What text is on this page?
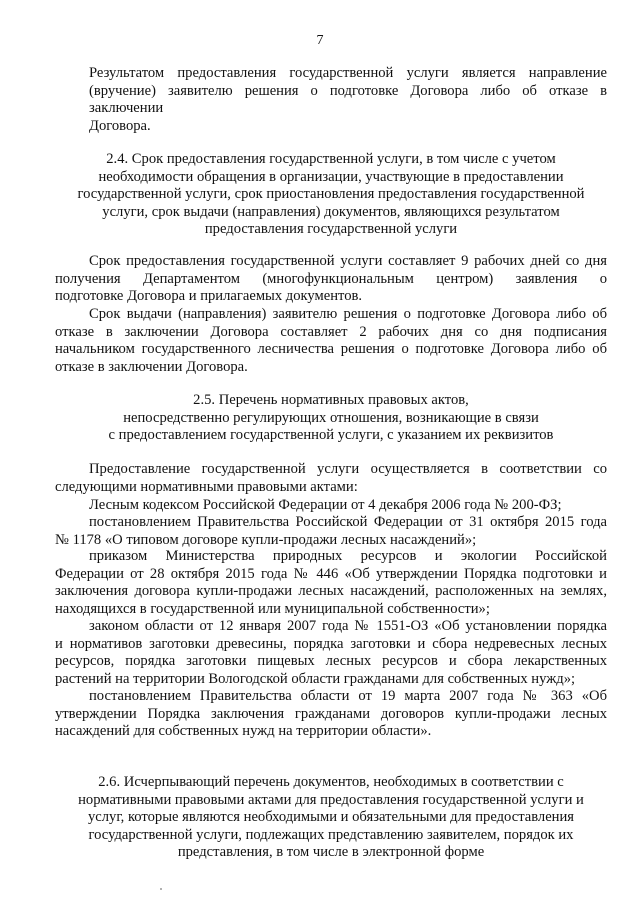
7
Результатом предоставления государственной услуги является направление
(вручение) заявителю решения о подготовке Договора либо об отказе в заключении
Договора.
2.4. Срок предоставления государственной услуги, в том числе с учетом
необходимости обращения в организации, участвующие в предоставлении
государственной услуги, срок приостановления предоставления государственной
услуги, срок выдачи (направления) документов, являющихся результатом
предоставления государственной услуги
Срок предоставления государственной услуги составляет 9 рабочих дней со дня
получения Департаментом (многофункциональным центром) заявления о
подготовке Договора и прилагаемых документов.
Срок выдачи (направления) заявителю решения о подготовке Договора либо об
отказе в заключении Договора составляет 2 рабочих дня со дня подписания
начальником государственного лесничества решения о подготовке Договора либо об
отказе в заключении Договора.
2.5. Перечень нормативных правовых актов,
непосредственно регулирующих отношения, возникающие в связи
с предоставлением государственной услуги, с указанием их реквизитов
Предоставление государственной услуги осуществляется в соответствии со
следующими нормативными правовыми актами:
Лесным кодексом Российской Федерации от 4 декабря 2006 года № 200-ФЗ;
постановлением Правительства Российской Федерации от 31 октября 2015 года
№ 1178 «О типовом договоре купли-продажи лесных насаждений»;
приказом Министерства природных ресурсов и экологии Российской
Федерации от 28 октября 2015 года № 446 «Об утверждении Порядка подготовки и
заключения договора купли-продажи лесных насаждений, расположенных на землях,
находящихся в государственной или муниципальной собственности»;
законом области от 12 января 2007 года № 1551-ОЗ «Об установлении порядка
и нормативов заготовки древесины, порядка заготовки и сбора недревесных лесных
ресурсов, порядка заготовки пищевых лесных ресурсов и сбора лекарственных
растений на территории Вологодской области гражданами для собственных нужд»;
постановлением Правительства области от 19 марта 2007 года № 363 «Об
утверждении Порядка заключения гражданами договоров купли-продажи лесных
насаждений для собственных нужд на территории области».
2.6. Исчерпывающий перечень документов, необходимых в соответствии с
нормативными правовыми актами для предоставления государственной услуги и
услуг, которые являются необходимыми и обязательными для предоставления
государственной услуги, подлежащих представлению заявителем, порядок их
представления, в том числе в электронной форме
